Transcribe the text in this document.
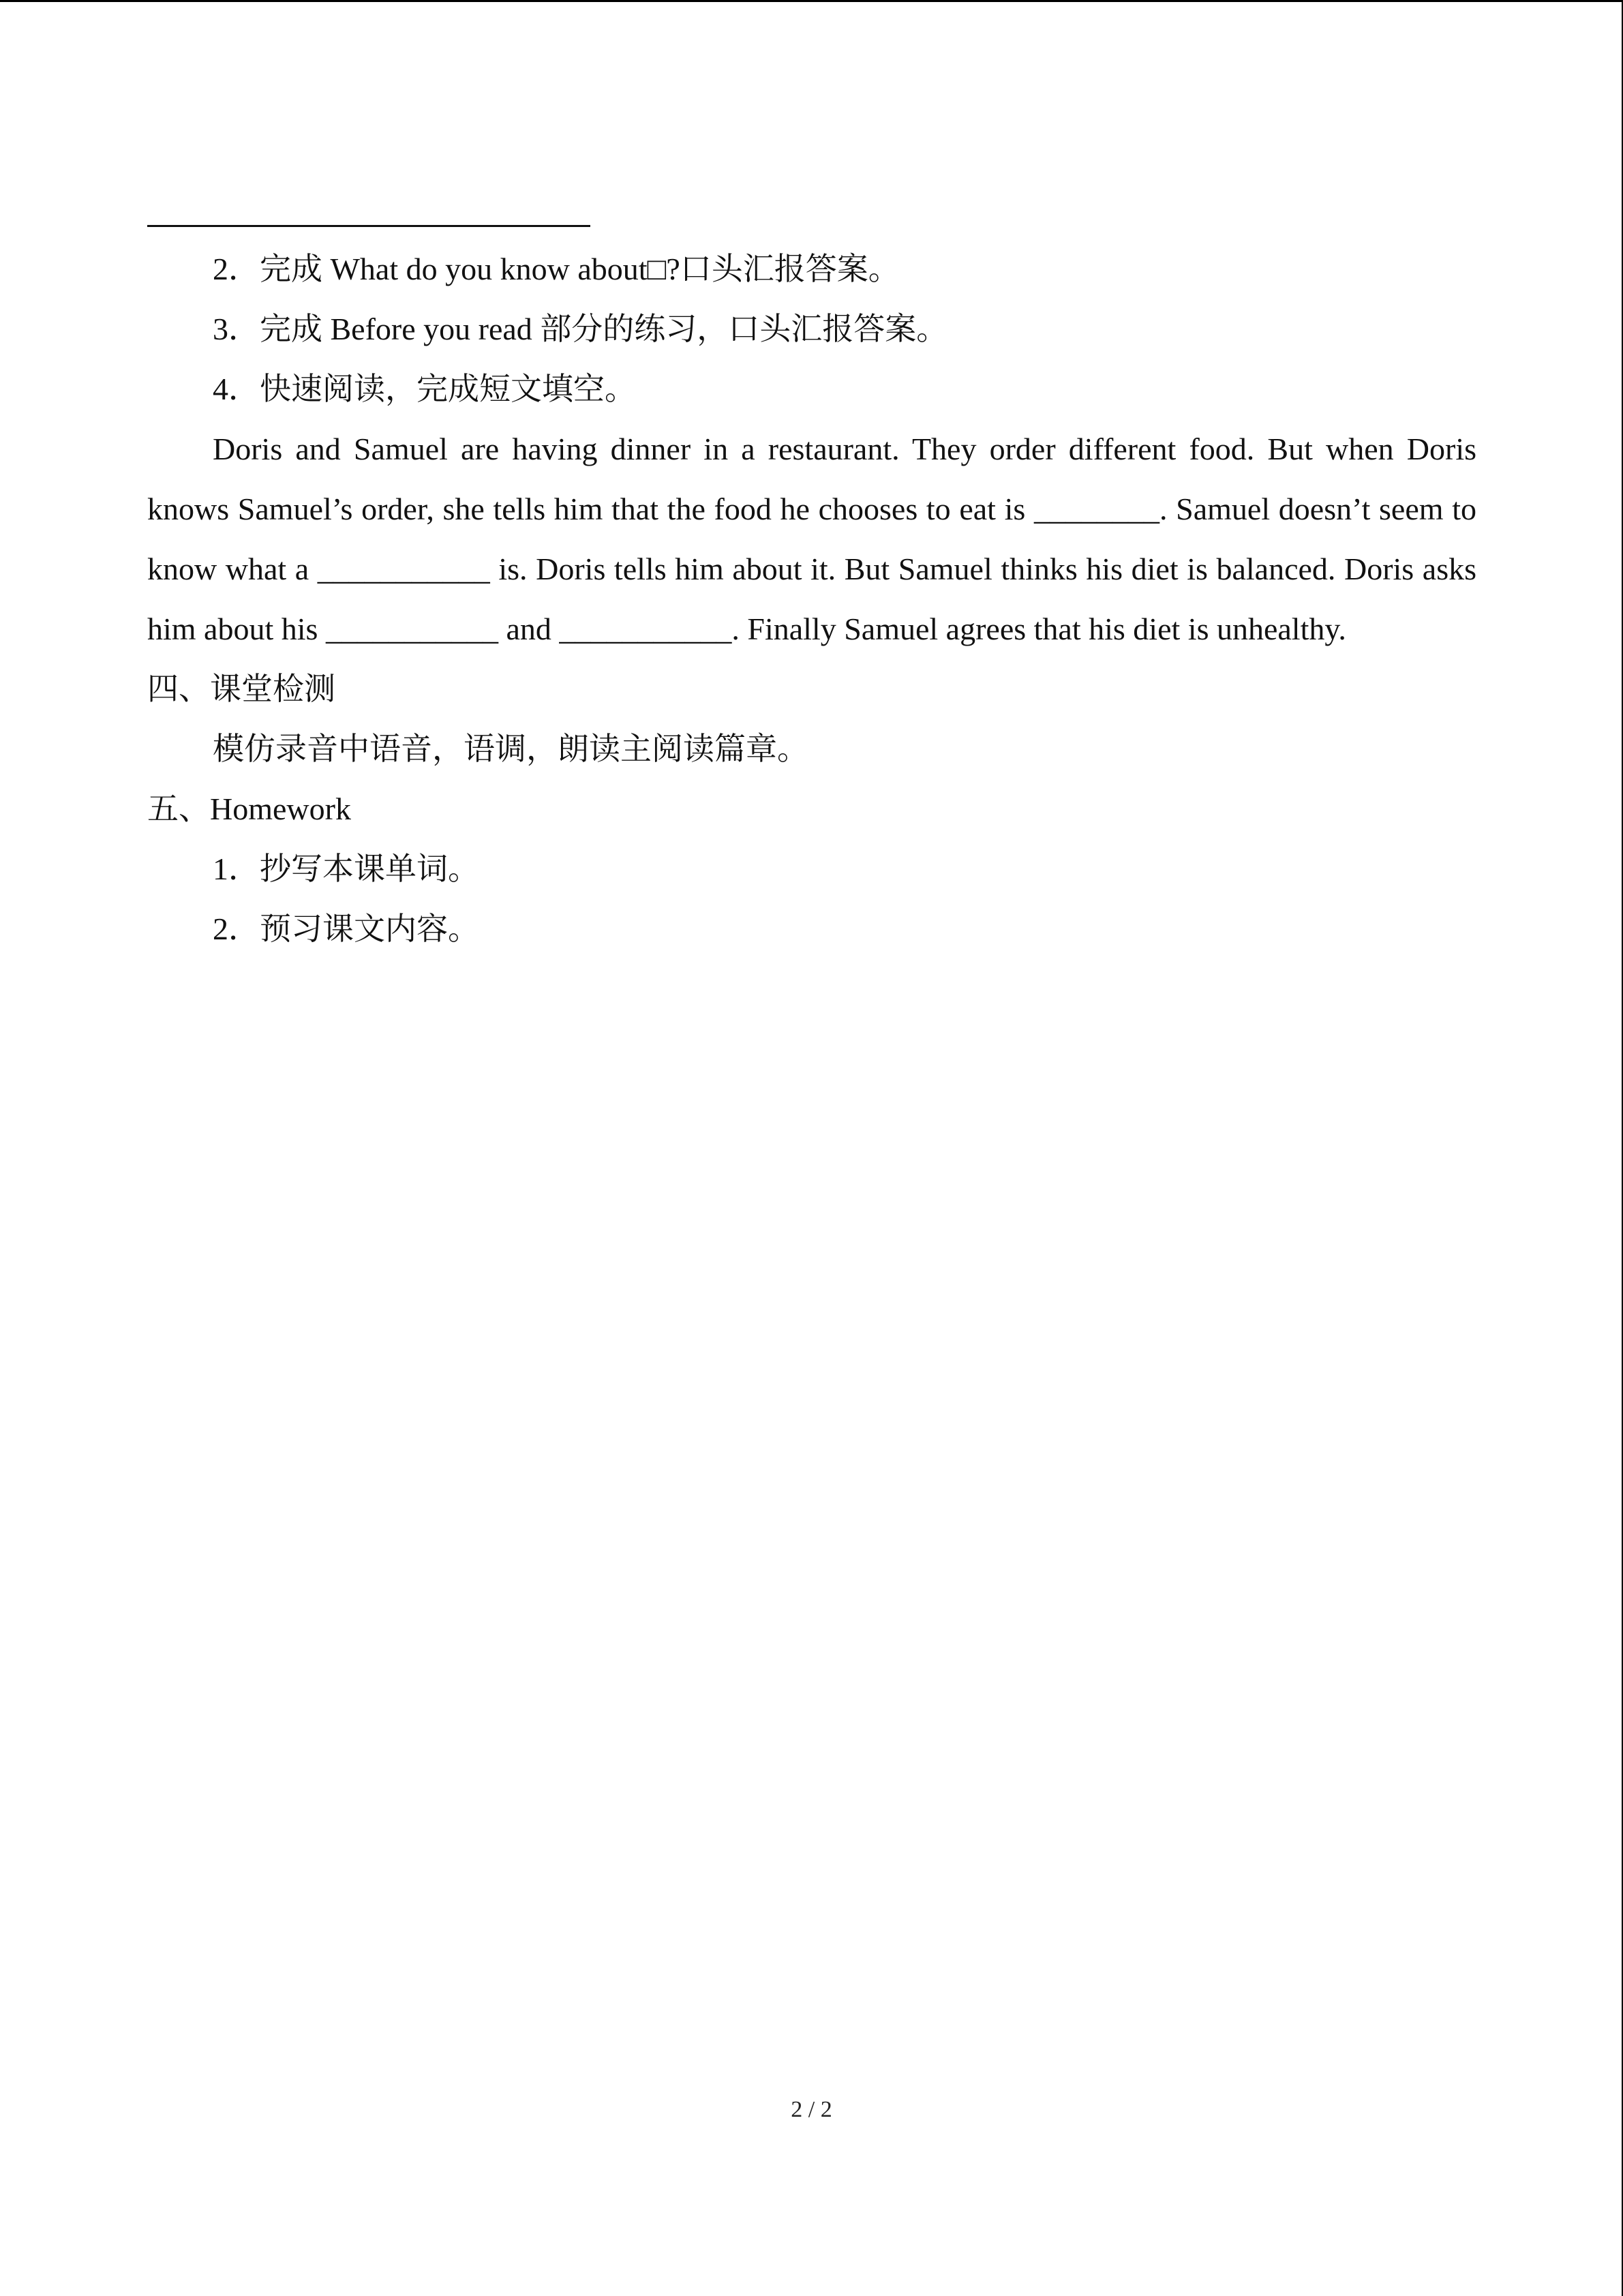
2．完成 What do you know about□?口头汇报答案。
3．完成 Before you read 部分的练习，口头汇报答案。
4．快速阅读，完成短文填空。

Doris and Samuel are having dinner in a restaurant. They order different food. But when Doris knows Samuel’s order, she tells him that the food he chooses to eat is ________. Samuel doesn’t seem to know what a ___________ is. Doris tells him about it. But Samuel thinks his diet is balanced. Doris asks him about his ___________ and ___________. Finally Samuel agrees that his diet is unhealthy.

四、课堂检测
模仿录音中语音，语调，朗读主阅读篇章。
五、Homework
1．抄写本课单词。
2．预习课文内容。
2 / 2
